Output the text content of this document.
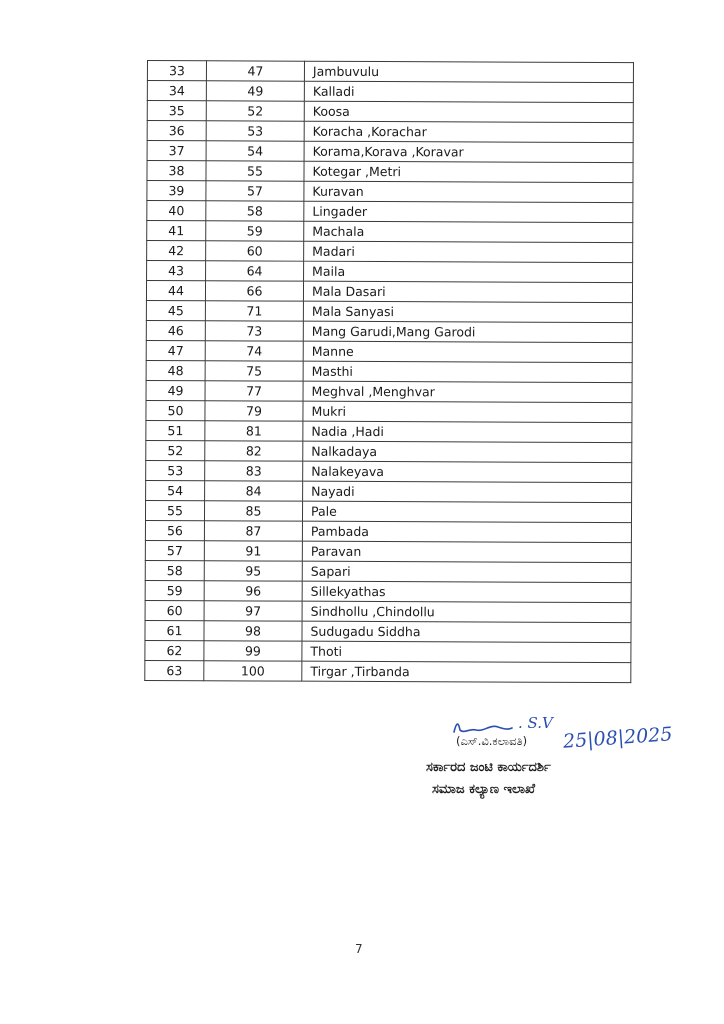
33	47	Jambuvulu
34	49	Kalladi
35	52	Koosa
36	53	Koracha ,Korachar
37	54	Korama,Korava ,Koravar
38	55	Kotegar ,Metri
39	57	Kuravan
40	58	Lingader
41	59	Machala
42	60	Madari
43	64	Maila
44	66	Mala Dasari
45	71	Mala Sanyasi
46	73	Mang Garudi,Mang Garodi
47	74	Manne
48	75	Masthi
49	77	Meghval ,Menghvar
50	79	Mukri
51	81	Nadia ,Hadi
52	82	Nalkadaya
53	83	Nalakeyava
54	84	Nayadi
55	85	Pale
56	87	Pambada
57	91	Paravan
58	95	Sapari
59	96	Sillekyathas
60	97	Sindhollu ,Chindollu
61	98	Sudugadu Siddha
62	99	Thoti
63	100	Tirgar ,Tirbanda
. S.V
(ಎಸ್.ವಿ.ಕಲಾವತಿ) 25|08|2025
ಸರ್ಕಾರದ ಜಂಟಿ ಕಾರ್ಯದರ್ಶಿ
ಸಮಾಜ ಕಲ್ಯಾಣ ಇಲಾಖೆ
7
